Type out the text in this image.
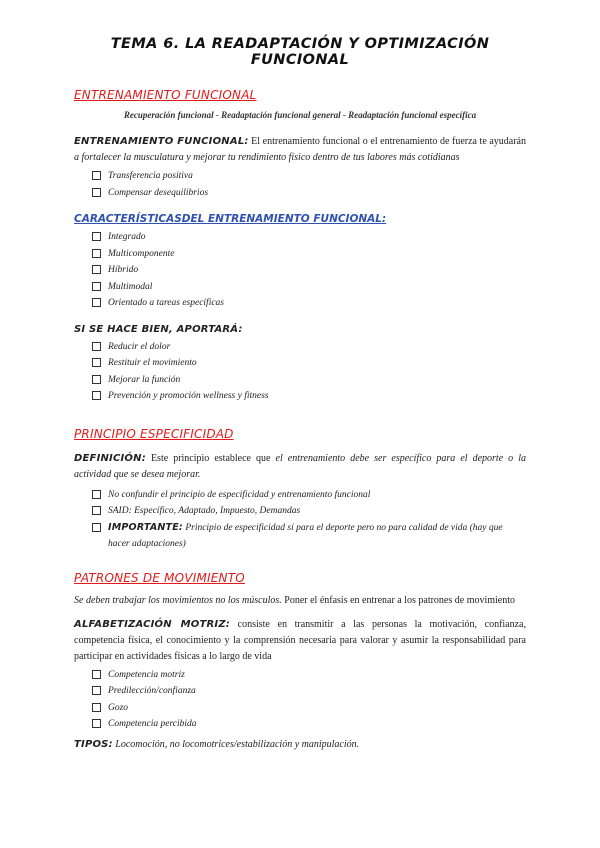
TEMA 6. LA READAPTACIÓN Y OPTIMIZACIÓN FUNCIONAL
ENTRENAMIENTO FUNCIONAL
Recuperación funcional - Readaptación funcional general - Readaptación funcional específica

ENTRENAMIENTO FUNCIONAL: El entrenamiento funcional o el entrenamiento de fuerza te ayudarán a fortalecer la musculatura y mejorar tu rendimiento físico dentro de tus labores más cotidianas

Transferencia positiva
Compensar desequilibrios
CARACTERÍSTICASDEL ENTRENAMIENTO FUNCIONAL:
Integrado
Multicomponente
Híbrido
Multimodal
Orientado a tareas específicas
SI SE HACE BIEN, APORTARÁ:
Reducir el dolor
Restituir el movimiento
Mejorar la función
Prevención y promoción wellness y fitness
PRINCIPIO ESPECIFICIDAD

DEFINICIÓN: Este principio establece que el entrenamiento debe ser específico para el deporte o la actividad que se desea mejorar.

No confundir el principio de especificidad y entrenamiento funcional
SAID: Específico, Adaptado, Impuesto, Demandas
IMPORTANTE: Principio de especificidad sí para el deporte pero no para calidad de vida (hay que hacer adaptaciones)
PATRONES DE MOVIMIENTO

Se deben trabajar los movimientos no los músculos. Poner el énfasis en entrenar a los patrones de movimiento

ALFABETIZACIÓN MOTRIZ: consiste en transmitir a las personas la motivación, confianza, competencia física, el conocimiento y la comprensión necesaria para valorar y asumir la responsabilidad para participar en actividades físicas a lo largo de vida

Competencia motriz
Predilección/confianza
Gozo
Competencia percibida

TIPOS: Locomoción, no locomotrices/estabilización y manipulación.
